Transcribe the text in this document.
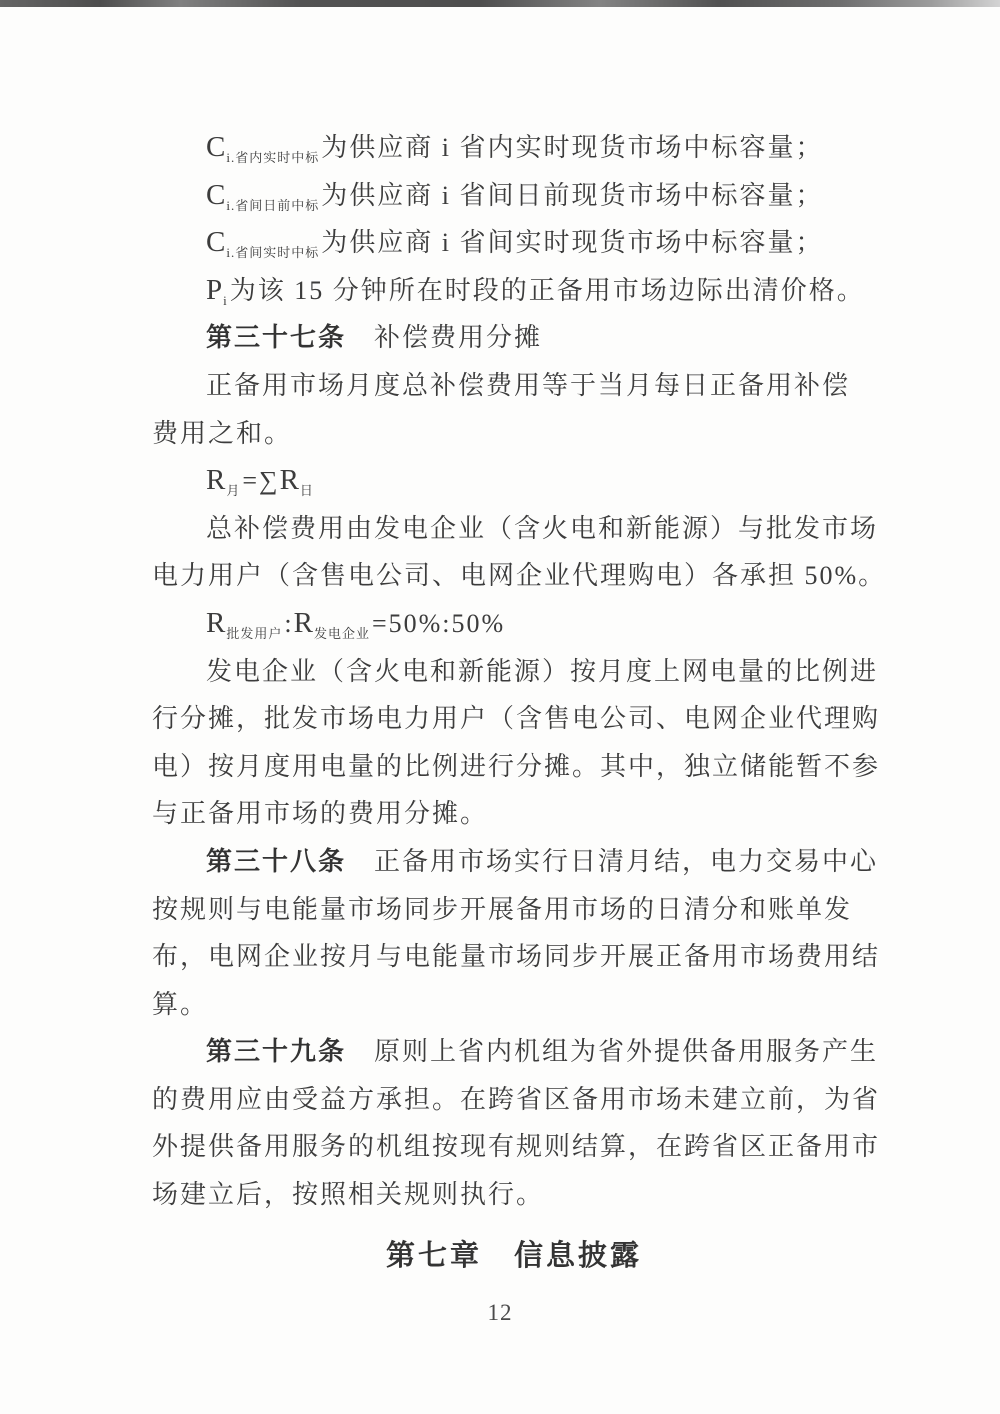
$C_{i.省内实时中标}$为供应商 i 省内实时现货市场中标容量；
$C_{i.省间日前中标}$为供应商 i 省间日前现货市场中标容量；
$C_{i.省间实时中标}$为供应商 i 省间实时现货市场中标容量；
$P_i$为该 15 分钟所在时段的正备用市场边际出清价格。
第三十七条　补偿费用分摊
正备用市场月度总补偿费用等于当月每日正备用补偿
费用之和。
$R_月=\sum R_日$
总补偿费用由发电企业（含火电和新能源）与批发市场
电力用户（含售电公司、电网企业代理购电）各承担 50%。
$R_{批发用户}:R_{发电企业}=50\%:50\%$
发电企业（含火电和新能源）按月度上网电量的比例进
行分摊，批发市场电力用户（含售电公司、电网企业代理购
电）按月度用电量的比例进行分摊。其中，独立储能暂不参
与正备用市场的费用分摊。
第三十八条　正备用市场实行日清月结，电力交易中心
按规则与电能量市场同步开展备用市场的日清分和账单发
布，电网企业按月与电能量市场同步开展正备用市场费用结
算。
第三十九条　原则上省内机组为省外提供备用服务产生
的费用应由受益方承担。在跨省区备用市场未建立前，为省
外提供备用服务的机组按现有规则结算，在跨省区正备用市
场建立后，按照相关规则执行。
第七章　信息披露
12
